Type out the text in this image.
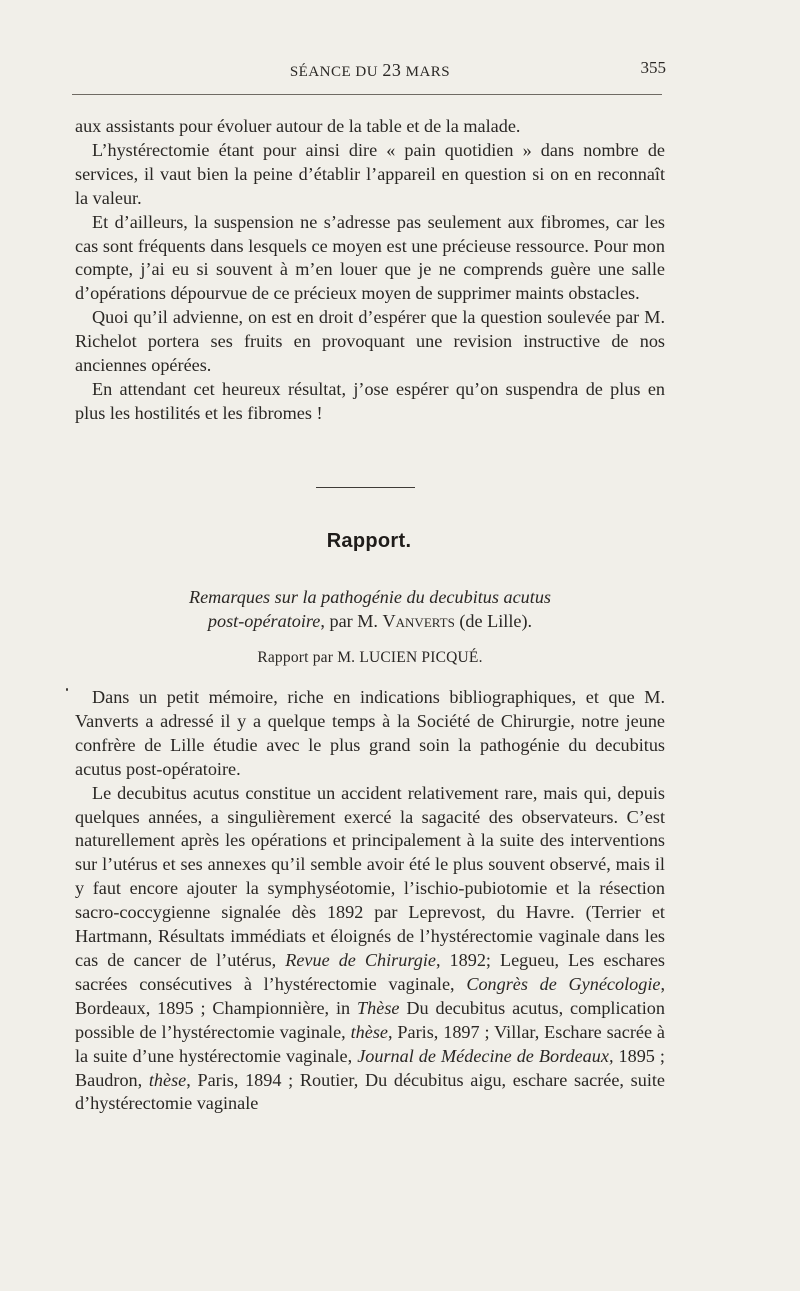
SÉANCE DU 23 MARS	355

aux assistants pour évoluer autour de la table et de la malade.

L’hystérectomie étant pour ainsi dire « pain quotidien » dans nombre de services, il vaut bien la peine d’établir l’appareil en question si on en reconnaît la valeur.

Et d’ailleurs, la suspension ne s’adresse pas seulement aux fibromes, car les cas sont fréquents dans lesquels ce moyen est une précieuse ressource. Pour mon compte, j’ai eu si souvent à m’en louer que je ne comprends guère une salle d’opérations dépourvue de ce précieux moyen de supprimer maints obstacles.

Quoi qu’il advienne, on est en droit d’espérer que la question soulevée par M. Richelot portera ses fruits en provoquant une revision instructive de nos anciennes opérées.

En attendant cet heureux résultat, j’ose espérer qu’on suspendra de plus en plus les hostilités et les fibromes !

Rapport.
Remarques sur la pathogénie du decubitus acutus
post-opératoire, par M. Vanverts (de Lille).
Rapport par M. LUCIEN PICQUÉ.

Dans un petit mémoire, riche en indications bibliographiques, et que M. Vanverts a adressé il y a quelque temps à la Société de Chirurgie, notre jeune confrère de Lille étudie avec le plus grand soin la pathogénie du decubitus acutus post-opératoire.

Le decubitus acutus constitue un accident relativement rare, mais qui, depuis quelques années, a singulièrement exercé la sagacité des observateurs. C’est naturellement après les opérations et principalement à la suite des interventions sur l’utérus et ses annexes qu’il semble avoir été le plus souvent observé, mais il y faut encore ajouter la symphyséotomie, l’ischio-pubiotomie et la résection sacro-coccygienne signalée dès 1892 par Leprevost, du Havre. (Terrier et Hartmann, Résultats immédiats et éloignés de l’hystérectomie vaginale dans les cas de cancer de l’utérus, Revue de Chirurgie, 1892; Legueu, Les eschares sacrées consécutives à l’hystérectomie vaginale, Congrès de Gynécologie, Bordeaux, 1895 ; Championnière, in Thèse Du decubitus acutus, complication possible de l’hystérectomie vaginale, thèse, Paris, 1897 ; Villar, Eschare sacrée à la suite d’une hystérectomie vaginale, Journal de Médecine de Bordeaux, 1895 ; Baudron, thèse, Paris, 1894 ; Routier, Du décubitus aigu, eschare sacrée, suite d’hystérectomie vaginale
